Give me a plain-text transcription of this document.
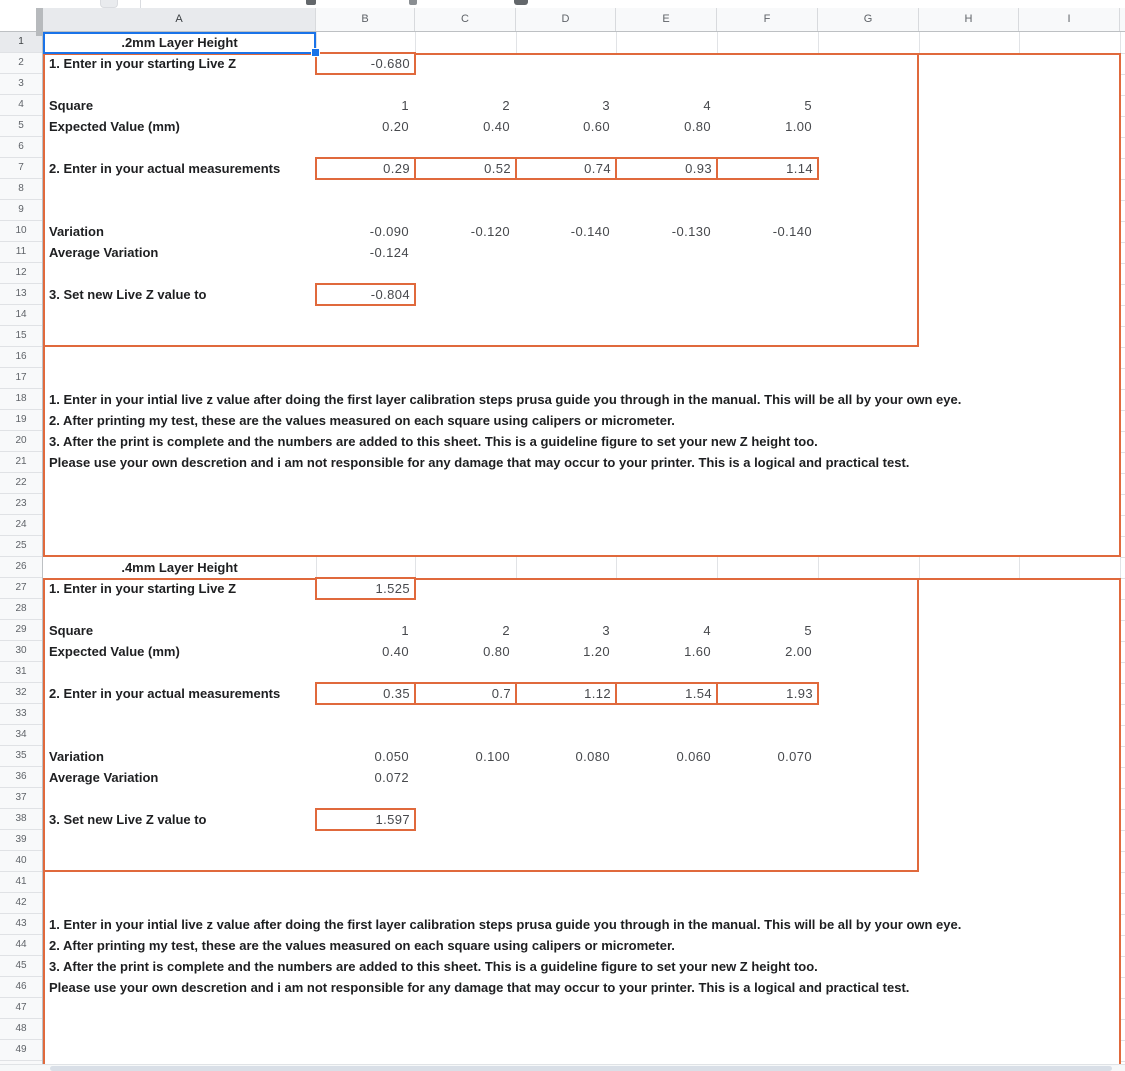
.2mm Layer Height
1. Enter in your starting Live Z	-0.680
Square	1	2	3	4	5
Expected Value (mm)	0.20	0.40	0.60	0.80	1.00
2. Enter in your actual measurements	0.29	0.52	0.74	0.93	1.14
Variation	-0.090	-0.120	-0.140	-0.130	-0.140
Average Variation	-0.124
3. Set new Live Z value to	-0.804
1. Enter in your intial live z value after doing the first layer calibration steps prusa guide you through in the manual. This will be all by your own eye.
2. After printing my test, these are the values measured on each square using calipers or micrometer.
3. After the print is complete and the numbers are added to this sheet. This is a guideline figure to set your new Z height too.
Please use your own descretion and i am not responsible for any damage that may occur to your printer. This is a logical and practical test.
.4mm Layer Height
1. Enter in your starting Live Z	1.525
Square	1	2	3	4	5
Expected Value (mm)	0.40	0.80	1.20	1.60	2.00
2. Enter in your actual measurements	0.35	0.7	1.12	1.54	1.93
Variation	0.050	0.100	0.080	0.060	0.070
Average Variation	0.072
3. Set new Live Z value to	1.597
1. Enter in your intial live z value after doing the first layer calibration steps prusa guide you through in the manual. This will be all by your own eye.
2. After printing my test, these are the values measured on each square using calipers or micrometer.
3. After the print is complete and the numbers are added to this sheet. This is a guideline figure to set your new Z height too.
Please use your own descretion and i am not responsible for any damage that may occur to your printer. This is a logical and practical test.
A	B	C	D	E	F	G	H	I
1
2
3
4
5
6
7
8
9
10
11
12
13
14
15
16
17
18
19
20
21
22
23
24
25
26
27
28
29
30
31
32
33
34
35
36
37
38
39
40
41
42
43
44
45
46
47
48
49
